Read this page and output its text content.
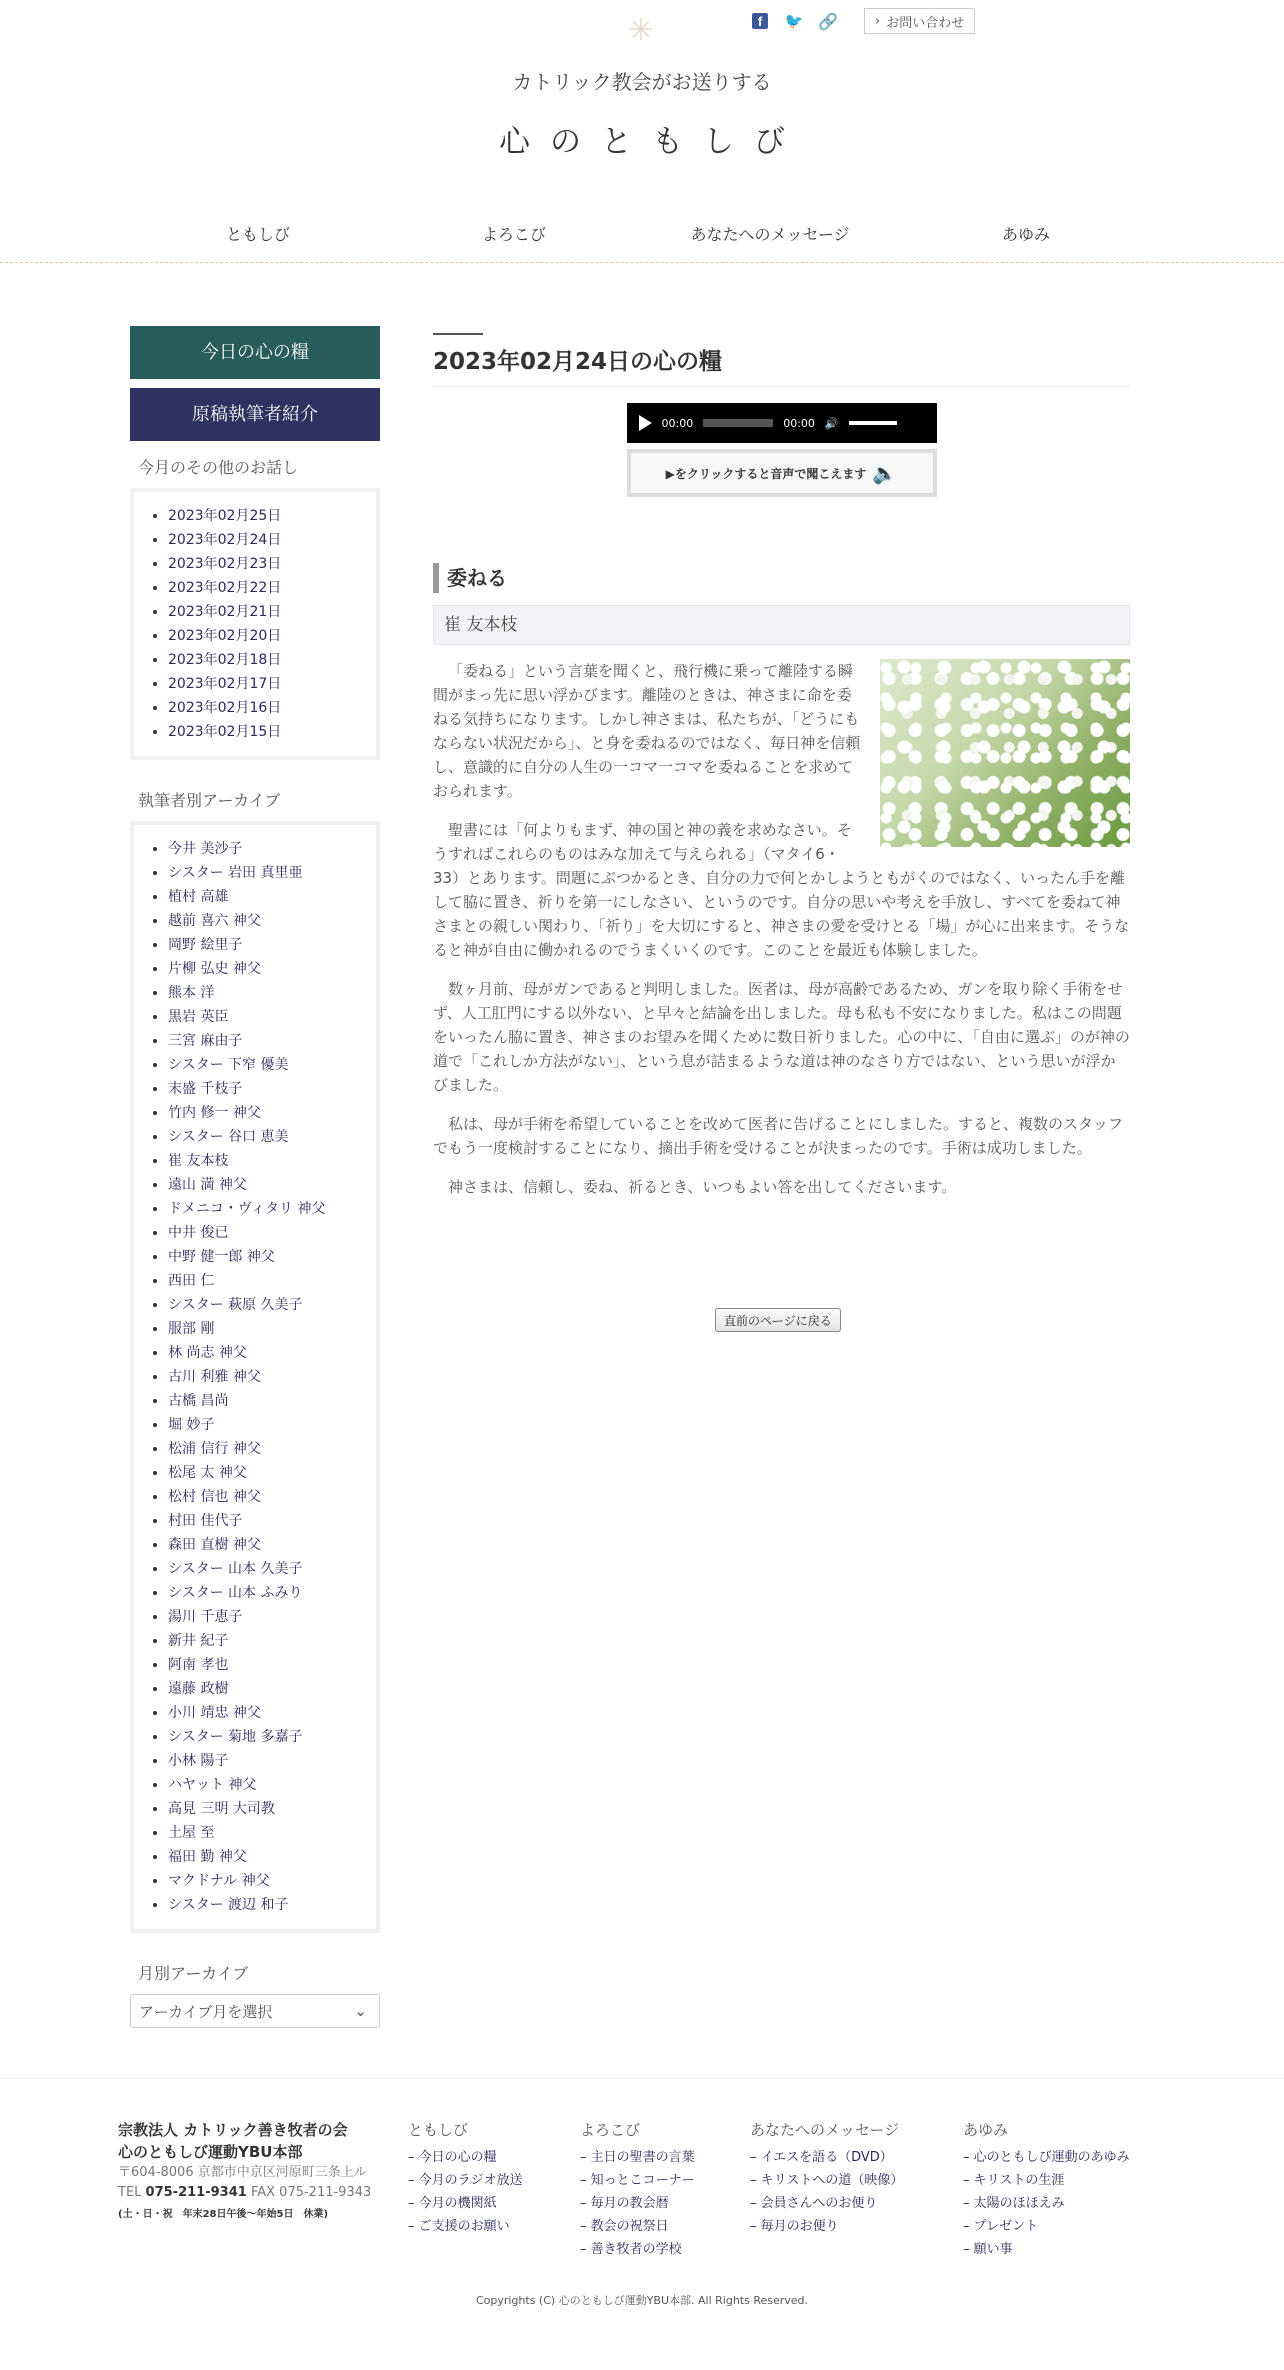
✳	f	🐦 🔗	› お問い合わせ
カトリック教会がお送りする
心のともしび
ともしび	よろこび	あなたへのメッセージ	あゆみ
今日の心の糧
原稿執筆者紹介
今月のその他のお話し
• 2023年02月25日
• 2023年02月24日
• 2023年02月23日
• 2023年02月22日
• 2023年02月21日
• 2023年02月20日
• 2023年02月18日
• 2023年02月17日
• 2023年02月16日
• 2023年02月15日
執筆者別アーカイブ
• 今井 美沙子
• シスター 岩田 真里亜
• 植村 高雄
• 越前 喜六 神父
• 岡野 絵里子
• 片柳 弘史 神父
• 熊本 洋
• 黒岩 英臣
• 三宮 麻由子
• シスター 下窄 優美
• 末盛 千枝子
• 竹内 修一 神父
• シスター 谷口 恵美
• 崔 友本枝
• 遠山 満 神父
• ドメニコ・ヴィタリ 神父
• 中井 俊已
• 中野 健一郎 神父
• 西田 仁
• シスター 萩原 久美子
• 服部 剛
• 林 尚志 神父
• 古川 利雅 神父
• 古橋 昌尚
• 堀 妙子
• 松浦 信行 神父
• 松尾 太 神父
• 松村 信也 神父
• 村田 佳代子
• 森田 直樹 神父
• シスター 山本 久美子
• シスター 山本 ふみり
• 湯川 千恵子
• 新井 紀子
• 阿南 孝也
• 遠藤 政樹
• 小川 靖忠 神父
• シスター 菊地 多嘉子
• 小林 陽子
• ハヤット 神父
• 高見 三明 大司教
• 土屋 至
• 福田 勤 神父
• マクドナル 神父
• シスター 渡辺 和子
月別アーカイブ
アーカイブ月を選択	⌄
2023年02月24日の心の糧
00:00	00:00 🔊
▶をクリックすると音声で聞こえます 🔈
委ねる
崔 友本枝

「委ねる」という言葉を聞くと、飛行機に乗って離陸する瞬間がまっ先に思い浮かびます。離陸のときは、神さまに命を委ねる気持ちになります。しかし神さまは、私たちが、「どうにもならない状況だから」、と身を委ねるのではなく、毎日神を信頼し、意識的に自分の人生の一コマ一コマを委ねることを求めておられます。

聖書には「何よりもまず、神の国と神の義を求めなさい。そうすればこれらのものはみな加えて与えられる」（マタイ6・33）とあります。問題にぶつかるとき、自分の力で何とかしようともがくのではなく、いったん手を離して脇に置き、祈りを第一にしなさい、というのです。自分の思いや考えを手放し、すべてを委ねて神さまとの親しい関わり、「祈り」を大切にすると、神さまの愛を受けとる「場」が心に出来ます。そうなると神が自由に働かれるのでうまくいくのです。このことを最近も体験しました。

数ヶ月前、母がガンであると判明しました。医者は、母が高齢であるため、ガンを取り除く手術をせず、人工肛門にする以外ない、と早々と結論を出しました。母も私も不安になりました。私はこの問題をいったん脇に置き、神さまのお望みを聞くために数日祈りました。心の中に、「自由に選ぶ」のが神の道で「これしか方法がない」、という息が詰まるような道は神のなさり方ではない、という思いが浮かびました。

私は、母が手術を希望していることを改めて医者に告げることにしました。すると、複数のスタッフでもう一度検討することになり、摘出手術を受けることが決まったのです。手術は成功しました。

神さまは、信頼し、委ね、祈るとき、いつもよい答を出してくださいます。

直前のページに戻る
宗教法人 カトリック善き牧者の会
心のともしび運動YBU本部
〒604-8006 京都市中京区河原町三条上ル
TEL 075-211-9341 FAX 075-211-9343
(土・日・祝　年末28日午後〜年始5日　休業)
ともしび
– 今日の心の糧
– 今月のラジオ放送
– 今月の機関紙
– ご支援のお願い
よろこび
– 主日の聖書の言葉
– 知っとこコーナー
– 毎月の教会暦
– 教会の祝祭日
– 善き牧者の学校
あなたへのメッセージ
– イエスを語る（DVD）
– キリストへの道（映像）
– 会員さんへのお便り
– 毎月のお便り
あゆみ
– 心のともしび運動のあゆみ
– キリストの生涯
– 太陽のほほえみ
– プレゼント
– 願い事
Copyrights (C) 心のともしび運動YBU本部. All Rights Reserved.
